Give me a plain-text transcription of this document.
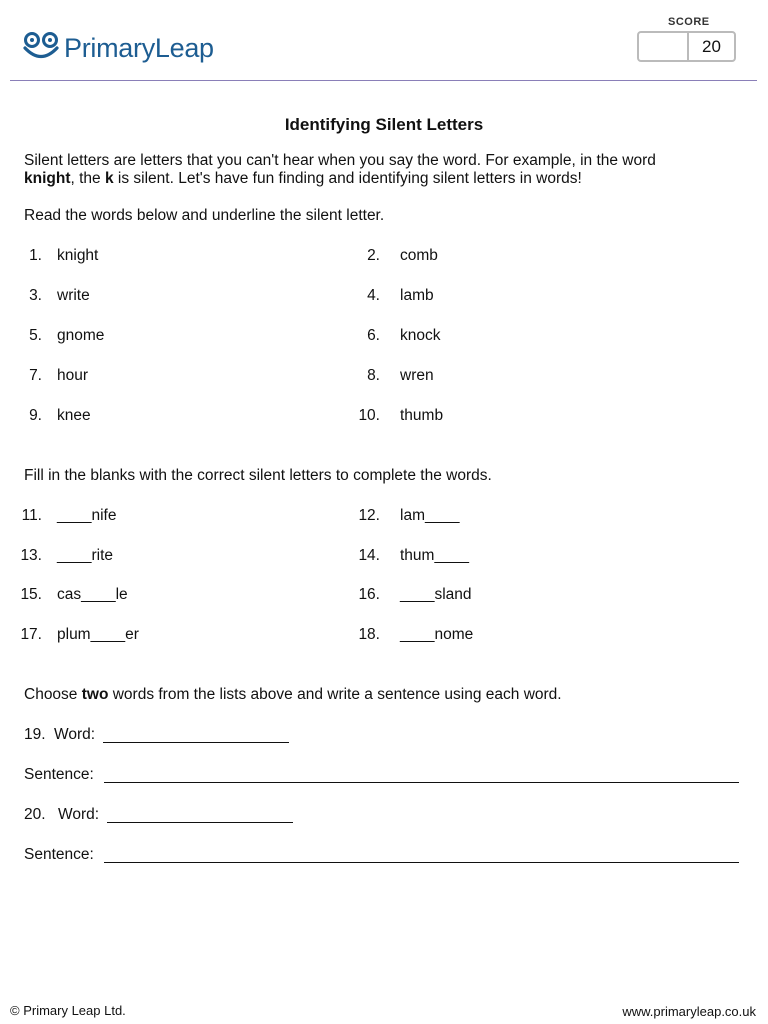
PrimaryLeap
SCORE
20
Identifying Silent Letters
Silent letters are letters that you can't hear when you say the word. For example, in the word
knight, the k is silent. Let's have fun finding and identifying silent letters in words!
Read the words below and underline the silent letter.
1. knight	2. comb
3. write	4. lamb
5. gnome	6. knock
7. hour	8. wren
9. knee	10. thumb
Fill in the blanks with the correct silent letters to complete the words.
11. ____nife	12. lam____
13. ____rite	14. thum____
15. cas____le	16. ____sland
17. plum____er	18. ____nome
Choose two words from the lists above and write a sentence using each word.
19. Word:
Sentence:
20. Word:
Sentence:
© Primary Leap Ltd.	www.primaryleap.co.uk
